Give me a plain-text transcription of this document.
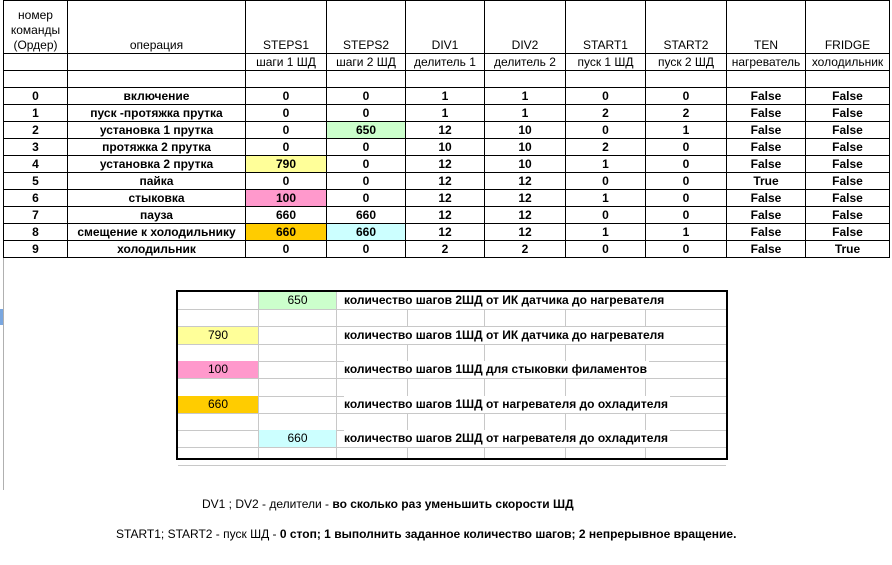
номер команды (Ордер)	операция	STEPS1	STEPS2	DIV1	DIV2	START1	START2	TEN	FRIDGE
		шаги 1 ШД	шаги 2 ШД	делитель 1	делитель 2	пуск 1 ШД	пуск 2 ШД	нагреватель	холодильник

0	включение	0	0	1	1	0	0	False	False
1	пуск -протяжка прутка	0	0	1	1	2	2	False	False
2	установка 1 прутка	0	650	12	10	0	1	False	False
3	протяжка 2 прутка	0	0	10	10	2	0	False	False
4	установка 2 прутка	790	0	12	10	1	0	False	False
5	пайка	0	0	12	12	0	0	True	False
6	стыковка	100	0	12	12	1	0	False	False
7	пауза	660	660	12	12	0	0	False	False
8	смещение к холодильнику	660	660	12	12	1	1	False	False
9	холодильник	0	0	2	2	0	0	False	True
650	количество шагов 2ШД от ИК датчика до нагревателя
790	количество шагов 1ШД от ИК датчика до нагревателя
100	количество шагов 1ШД для стыковки филаментов
660	количество шагов 1ШД от нагревателя до охладителя
660	количество шагов 2ШД от нагревателя до охладителя
DV1 ; DV2 - делители - во сколько раз уменьшить скорости ШД
START1; START2 - пуск ШД - 0 стоп; 1 выполнить заданное количество шагов; 2 непрерывное вращение.
